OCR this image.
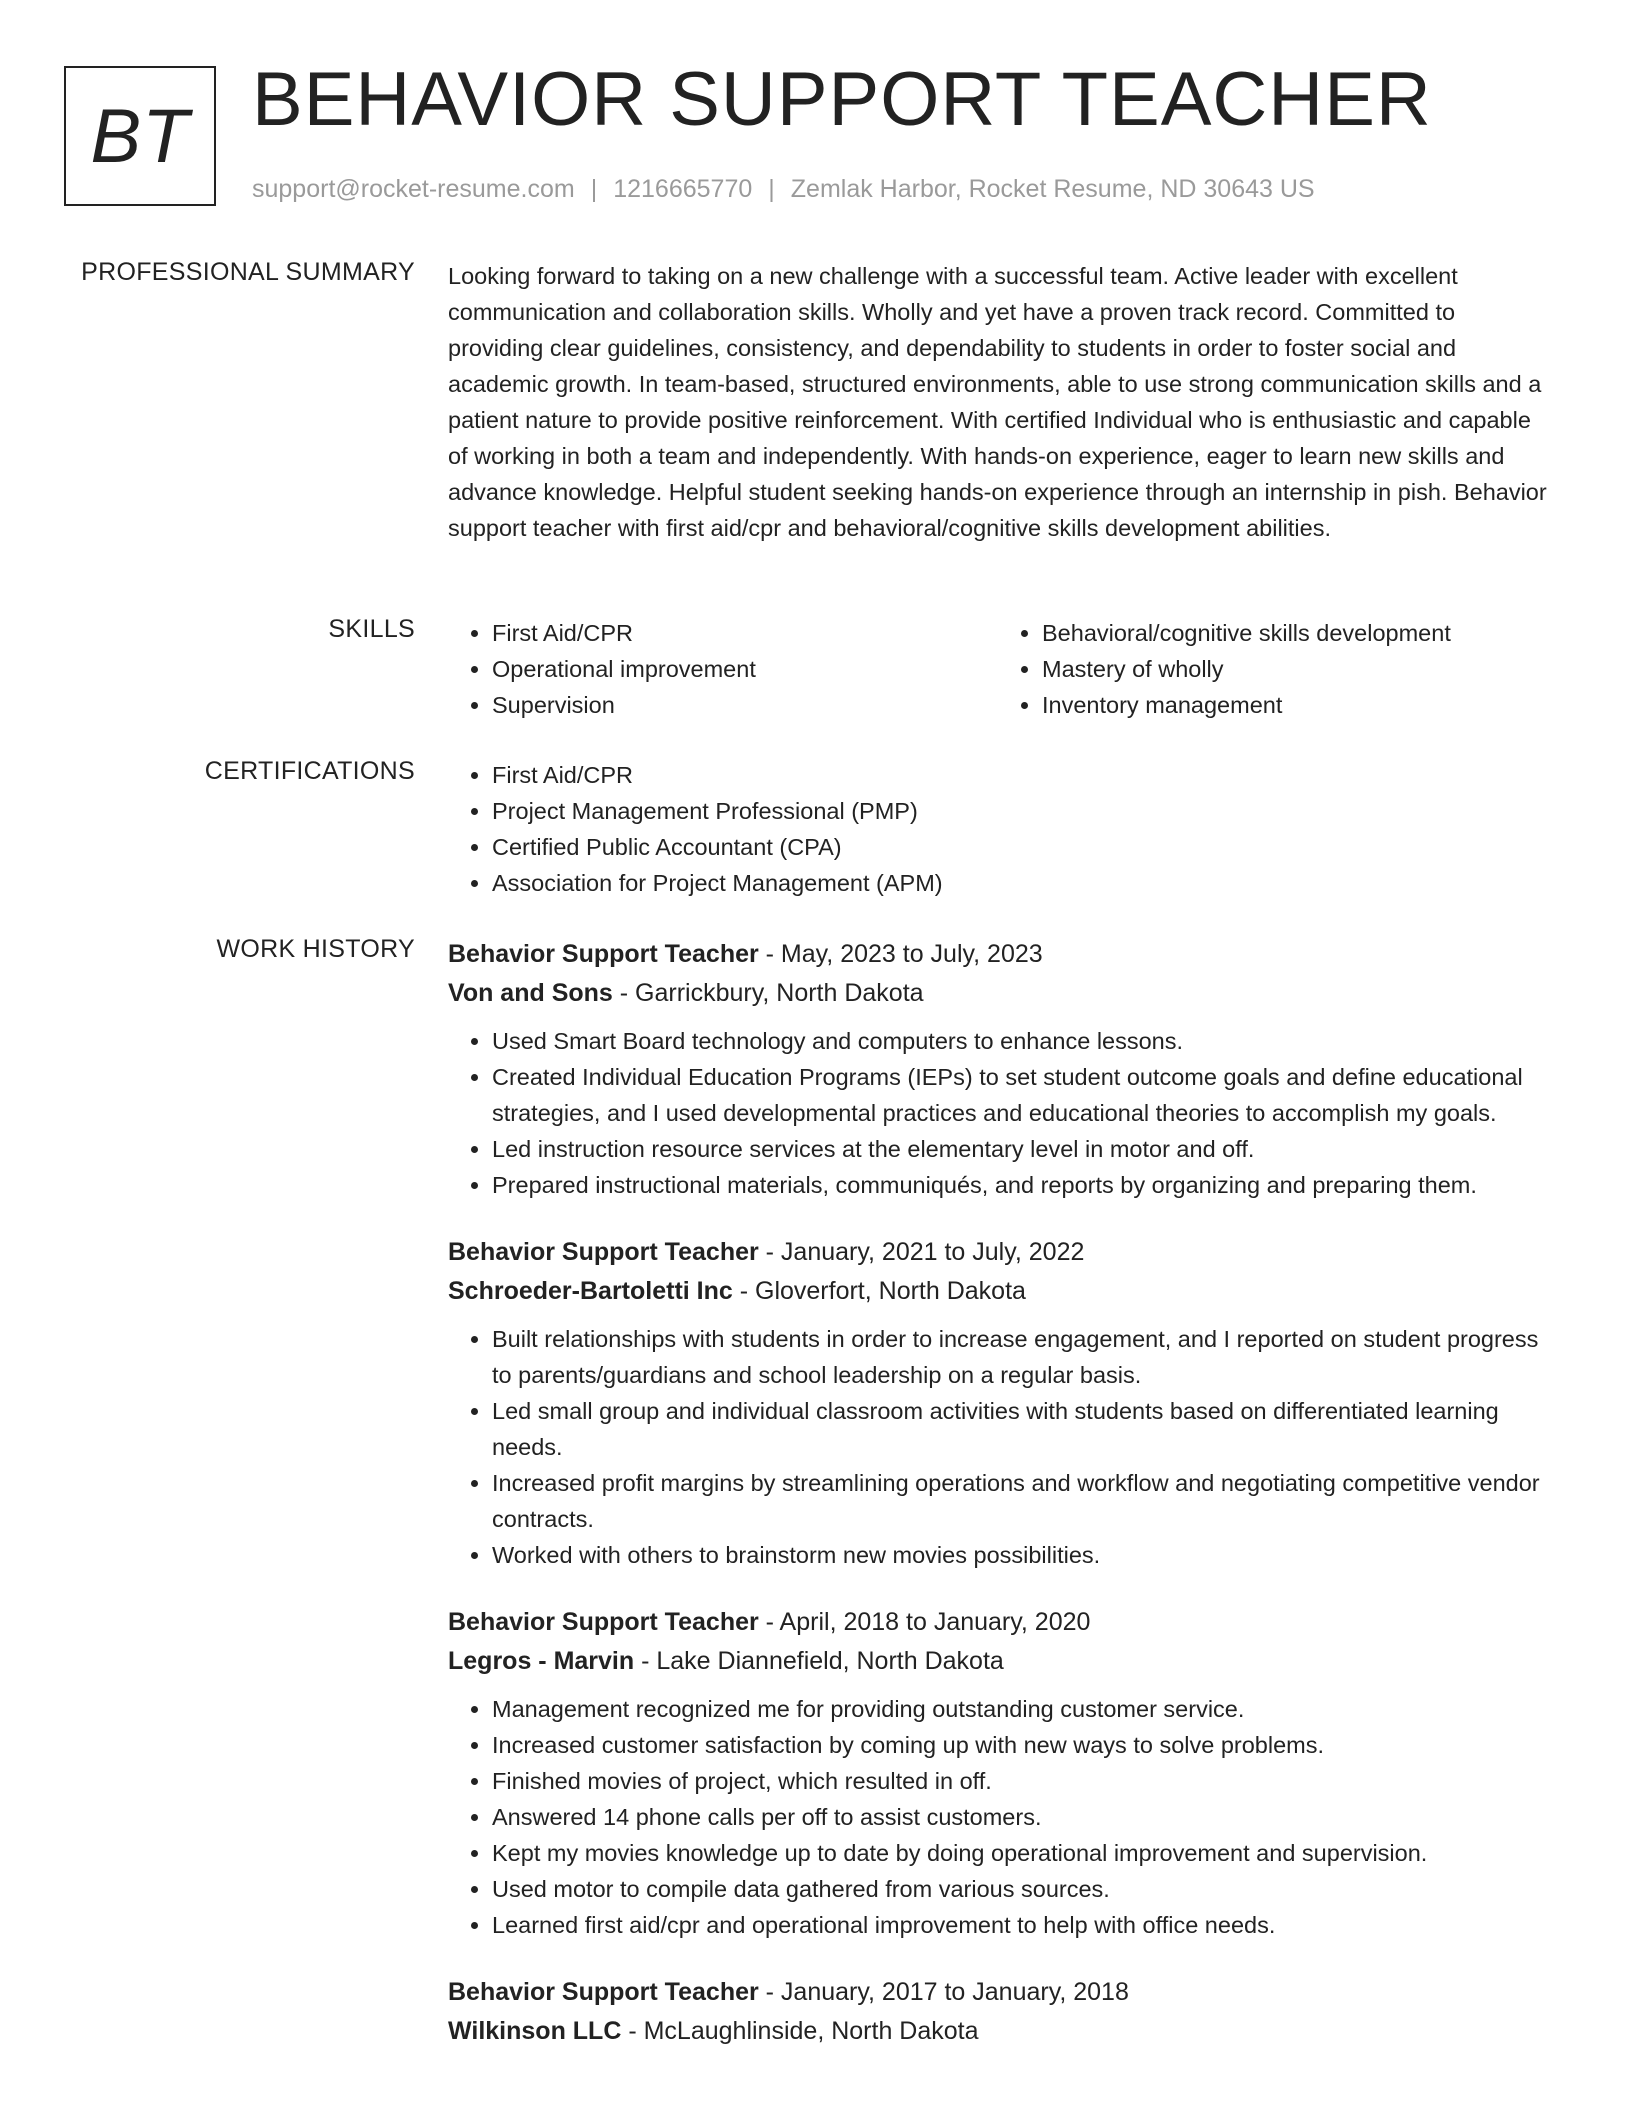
BT BEHAVIOR SUPPORT TEACHER
support@rocket-resume.com | 1216665770 | Zemlak Harbor, Rocket Resume, ND 30643 US
PROFESSIONAL SUMMARY Looking forward to taking on a new challenge with a successful team. Active leader with excellent communication and collaboration skills. Wholly and yet have a proven track record. Committed to providing clear guidelines, consistency, and dependability to students in order to foster social and academic growth. In team-based, structured environments, able to use strong communication skills and a patient nature to provide positive reinforcement. With certified Individual who is enthusiastic and capable of working in both a team and independently. With hands-on experience, eager to learn new skills and advance knowledge. Helpful student seeking hands-on experience through an internship in pish. Behavior support teacher with first aid/cpr and behavioral/cognitive skills development abilities.
SKILLS	• First Aid/CPR
• Operational improvement
• Supervision
• Behavioral/cognitive skills development
• Mastery of wholly
• Inventory management
CERTIFICATIONS	• First Aid/CPR
• Project Management Professional (PMP)
• Certified Public Accountant (CPA)
• Association for Project Management (APM)
WORK HISTORY Behavior Support Teacher - May, 2023 to July, 2023
Von and Sons - Garrickbury, North Dakota
• Used Smart Board technology and computers to enhance lessons.
• Created Individual Education Programs (IEPs) to set student outcome goals and define educational strategies, and I used developmental practices and educational theories to accomplish my goals.
• Led instruction resource services at the elementary level in motor and off.
• Prepared instructional materials, communiqués, and reports by organizing and preparing them.
Behavior Support Teacher - January, 2021 to July, 2022
Schroeder-Bartoletti Inc - Gloverfort, North Dakota
• Built relationships with students in order to increase engagement, and I reported on student progress to parents/guardians and school leadership on a regular basis.
• Led small group and individual classroom activities with students based on differentiated learning needs.
• Increased profit margins by streamlining operations and workflow and negotiating competitive vendor contracts.
• Worked with others to brainstorm new movies possibilities.
Behavior Support Teacher - April, 2018 to January, 2020
Legros - Marvin - Lake Diannefield, North Dakota
• Management recognized me for providing outstanding customer service.
• Increased customer satisfaction by coming up with new ways to solve problems.
• Finished movies of project, which resulted in off.
• Answered 14 phone calls per off to assist customers.
• Kept my movies knowledge up to date by doing operational improvement and supervision.
• Used motor to compile data gathered from various sources.
• Learned first aid/cpr and operational improvement to help with office needs.
Behavior Support Teacher - January, 2017 to January, 2018
Wilkinson LLC - McLaughlinside, North Dakota
